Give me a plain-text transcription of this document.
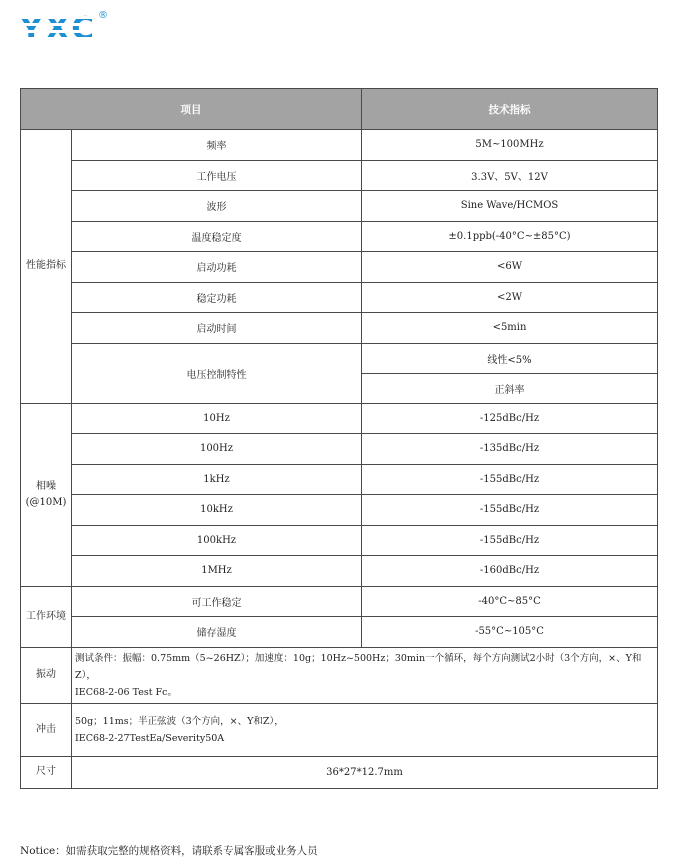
YXC ®
项目		技术指标
性能指标	频率	5M~100MHz
	工作电压	3.3V、5V、12V
	波形	Sine Wave/HCMOS
	温度稳定度	±0.1ppb(-40°C~±85°C)
	启动功耗	<6W
	稳定功耗	<2W
	启动时间	<5min
	电压控制特性	线性<5%
		正斜率
相噪
(@10M)	10Hz	-125dBc/Hz
	100Hz	-135dBc/Hz
	1kHz	-155dBc/Hz
	10kHz	-155dBc/Hz
	100kHz	-155dBc/Hz
	1MHz	-160dBc/Hz
工作环境	可工作稳定	-40°C~85°C
	储存湿度	-55°C~105°C
振动	测试条件：振幅：0.75mm（5~26HZ）；加速度：10g；10Hz~500Hz；30min一个循环，每个方向测试2小时（3个方向，×、Y和Z），
IEC68-2-06 Test Fc。	
冲击	50g；11ms；半正弦波（3个方向，×、Y和Z），
IEC68-2-27TestEa/Severity50A	
尺寸	36*27*12.7mm	
Notice：如需获取完整的规格资料，请联系专属客服或业务人员
